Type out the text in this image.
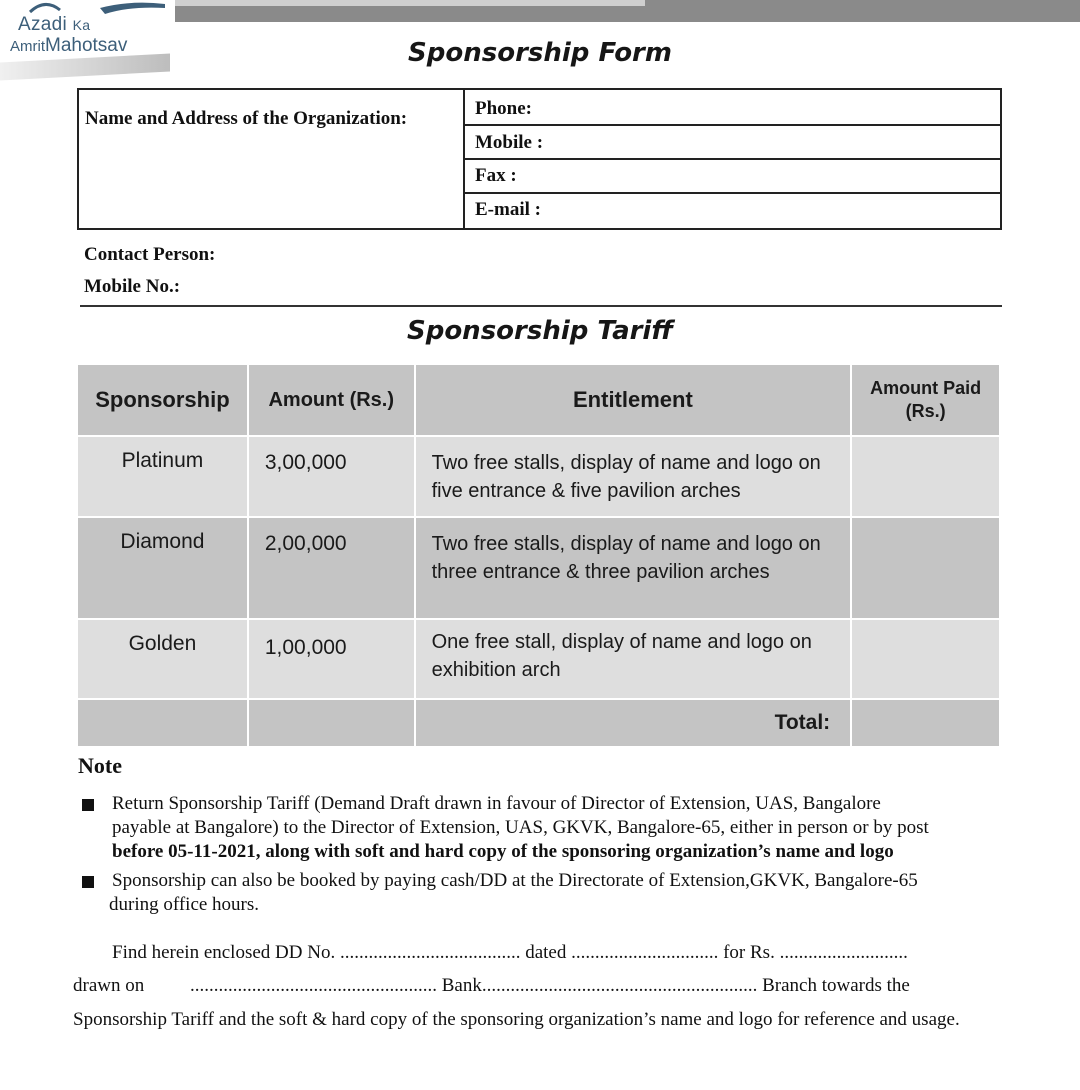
Azadi Ka
AmritMahotsav	Sponsorship Form
Name and Address of the Organization:	Phone:
Mobile :
Fax :
E-mail :
Contact Person:
Mobile No.:
Sponsorship Tariff
Sponsorship	Amount (Rs.)	Entitlement	Amount Paid (Rs.)

Platinum	3,00,000	Two free stalls, display of name and logo on
five entrance & five pavilion arches	

Diamond	2,00,000	Two free stalls, display of name and logo on
three entrance & three pavilion arches	

Golden	1,00,000	One free stall, display of name and logo on
exhibition arch	

		Total:	
Note
Return Sponsorship Tariff (Demand Draft drawn in favour of Director of Extension, UAS, Bangalore
payable at Bangalore) to the Director of Extension, UAS, GKVK, Bangalore-65, either in person or by post
before 05-11-2021, along with soft and hard copy of the sponsoring organization’s name and logo
Sponsorship can also be booked by paying cash/DD at the Directorate of Extension,GKVK, Bangalore-65
during office hours.
Find herein enclosed DD No. ...................................... dated ............................... for Rs. ...........................
drawn on .................................................... Bank.......................................................... Branch towards the
Sponsorship Tariff and the soft & hard copy of the sponsoring organization’s name and logo for reference and usage.
